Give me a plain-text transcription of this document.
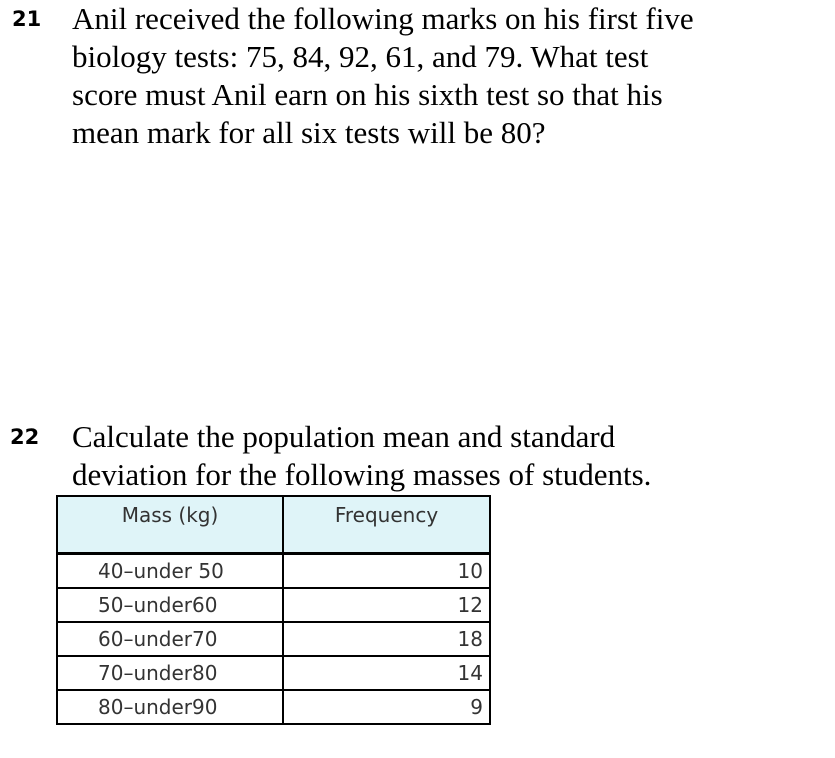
21 Anil received the following marks on his first five
biology tests: 75, 84, 92, 61, and 79. What test
score must Anil earn on his sixth test so that his
mean mark for all six tests will be 80?
22 Calculate the population mean and standard
deviation for the following masses of students.
Mass (kg)	Frequency
40–under 50	10
50–under60	12
60–under70	18
70–under80	14
80–under90	9
